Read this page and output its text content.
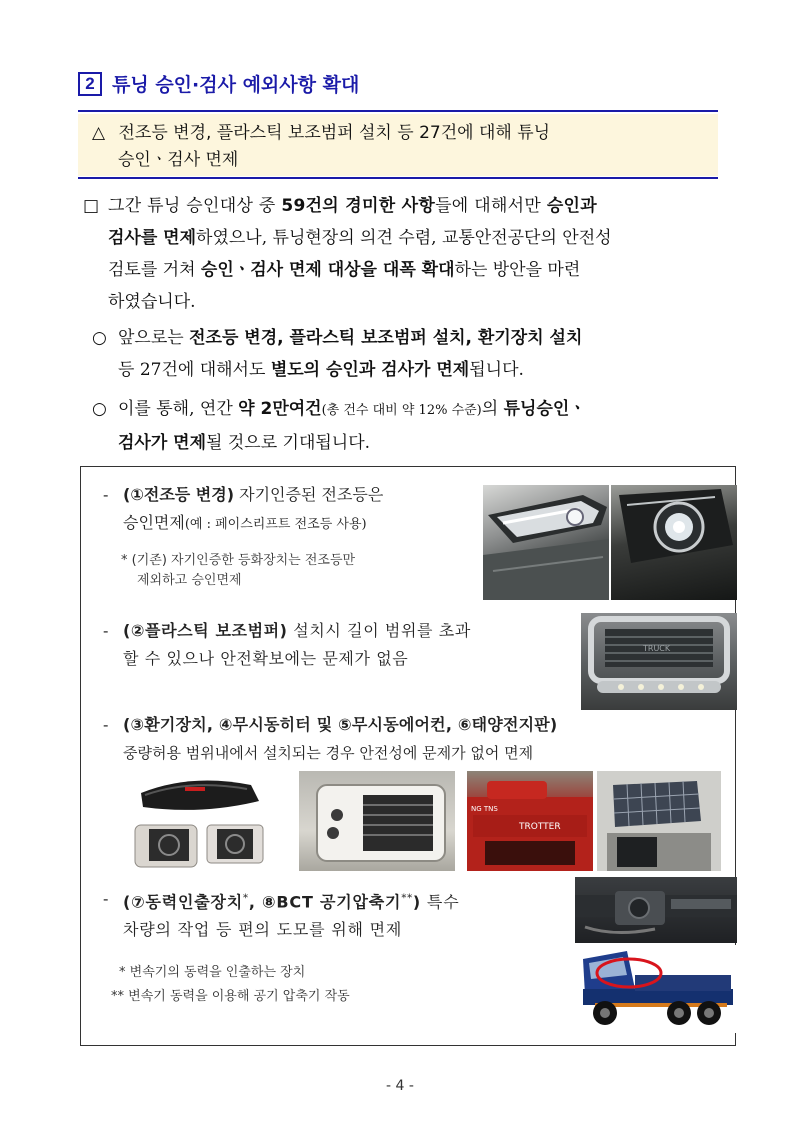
2 튜닝 승인·검사 예외사항 확대
△ 전조등 변경, 플라스틱 보조범퍼 설치 등 27건에 대해 튜닝
승인ㆍ검사 면제
□ 그간 튜닝 승인대상 중 59건의 경미한 사항들에 대해서만 승인과
검사를 면제하였으나, 튜닝현장의 의견 수렴, 교통안전공단의 안전성
검토를 거쳐 승인ㆍ검사 면제 대상을 대폭 확대하는 방안을 마련
하였습니다.
○ 앞으로는 전조등 변경, 플라스틱 보조범퍼 설치, 환기장치 설치
등 27건에 대해서도 별도의 승인과 검사가 면제됩니다.
○ 이를 통해, 연간 약 2만여건(총 건수 대비 약 12% 수준)의 튜닝승인ㆍ
검사가 면제될 것으로 기대됩니다.
- (①전조등 변경) 자기인증된 전조등은
승인면제(예 : 페이스리프트 전조등 사용)
* (기존) 자기인증한 등화장치는 전조등만
제외하고 승인면제
- (②플라스틱 보조범퍼) 설치시 길이 범위를 초과
할 수 있으나 안전확보에는 문제가 없음
TRUCK
- (③환기장치, ④무시동히터 및 ⑤무시동에어컨, ⑥태양전지판)
중량허용 범위내에서 설치되는 경우 안전성에 문제가 없어 면제
TROTTER
NG TNS
- (⑦동력인출장치*, ⑧BCT 공기압축기**) 특수
차량의 작업 등 편의 도모를 위해 면제
* 변속기의 동력을 인출하는 장치
** 변속기 동력을 이용해 공기 압축기 작동
- 4 -
